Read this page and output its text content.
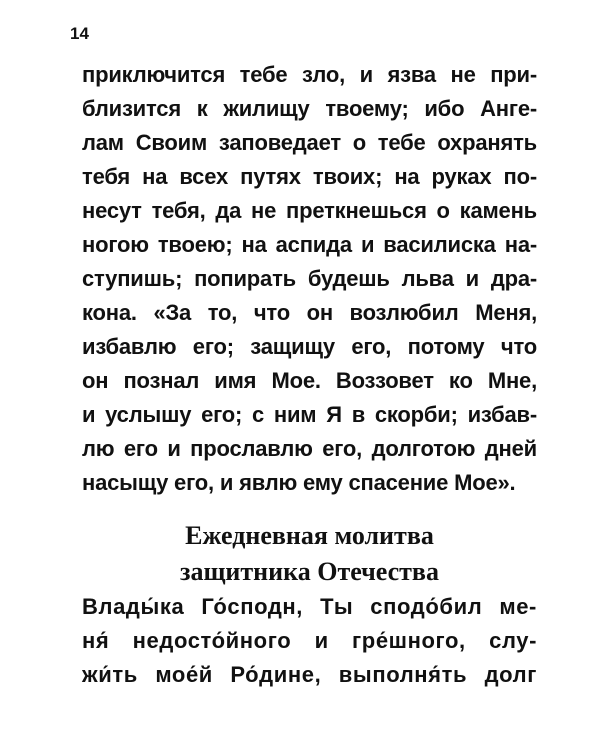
14
приключится тебе зло, и язва не при-
близится к жилищу твоему; ибо Анге-
лам Своим заповедает о тебе охранять
тебя на всех путях твоих; на руках по-
несут тебя, да не преткнешься о камень
ногою твоею; на аспида и василиска на-
ступишь; попирать будешь льва и дра-
кона. «За то, что он возлюбил Меня,
избавлю его; защищу его, потому что
он познал имя Мое. Воззовет ко Мне,
и услышу его; с ним Я в скорби; избав-
лю его и прославлю его, долготою дней
насыщу его, и явлю ему спасение Мое».
Ежедневная молитва
защитника Отечества
Влады́ка Го́сподн, Ты сподо́бил ме-
ня́ недосто́йного и гре́шного, слу-
жи́ть мое́й Ро́дине, выполня́ть долг
